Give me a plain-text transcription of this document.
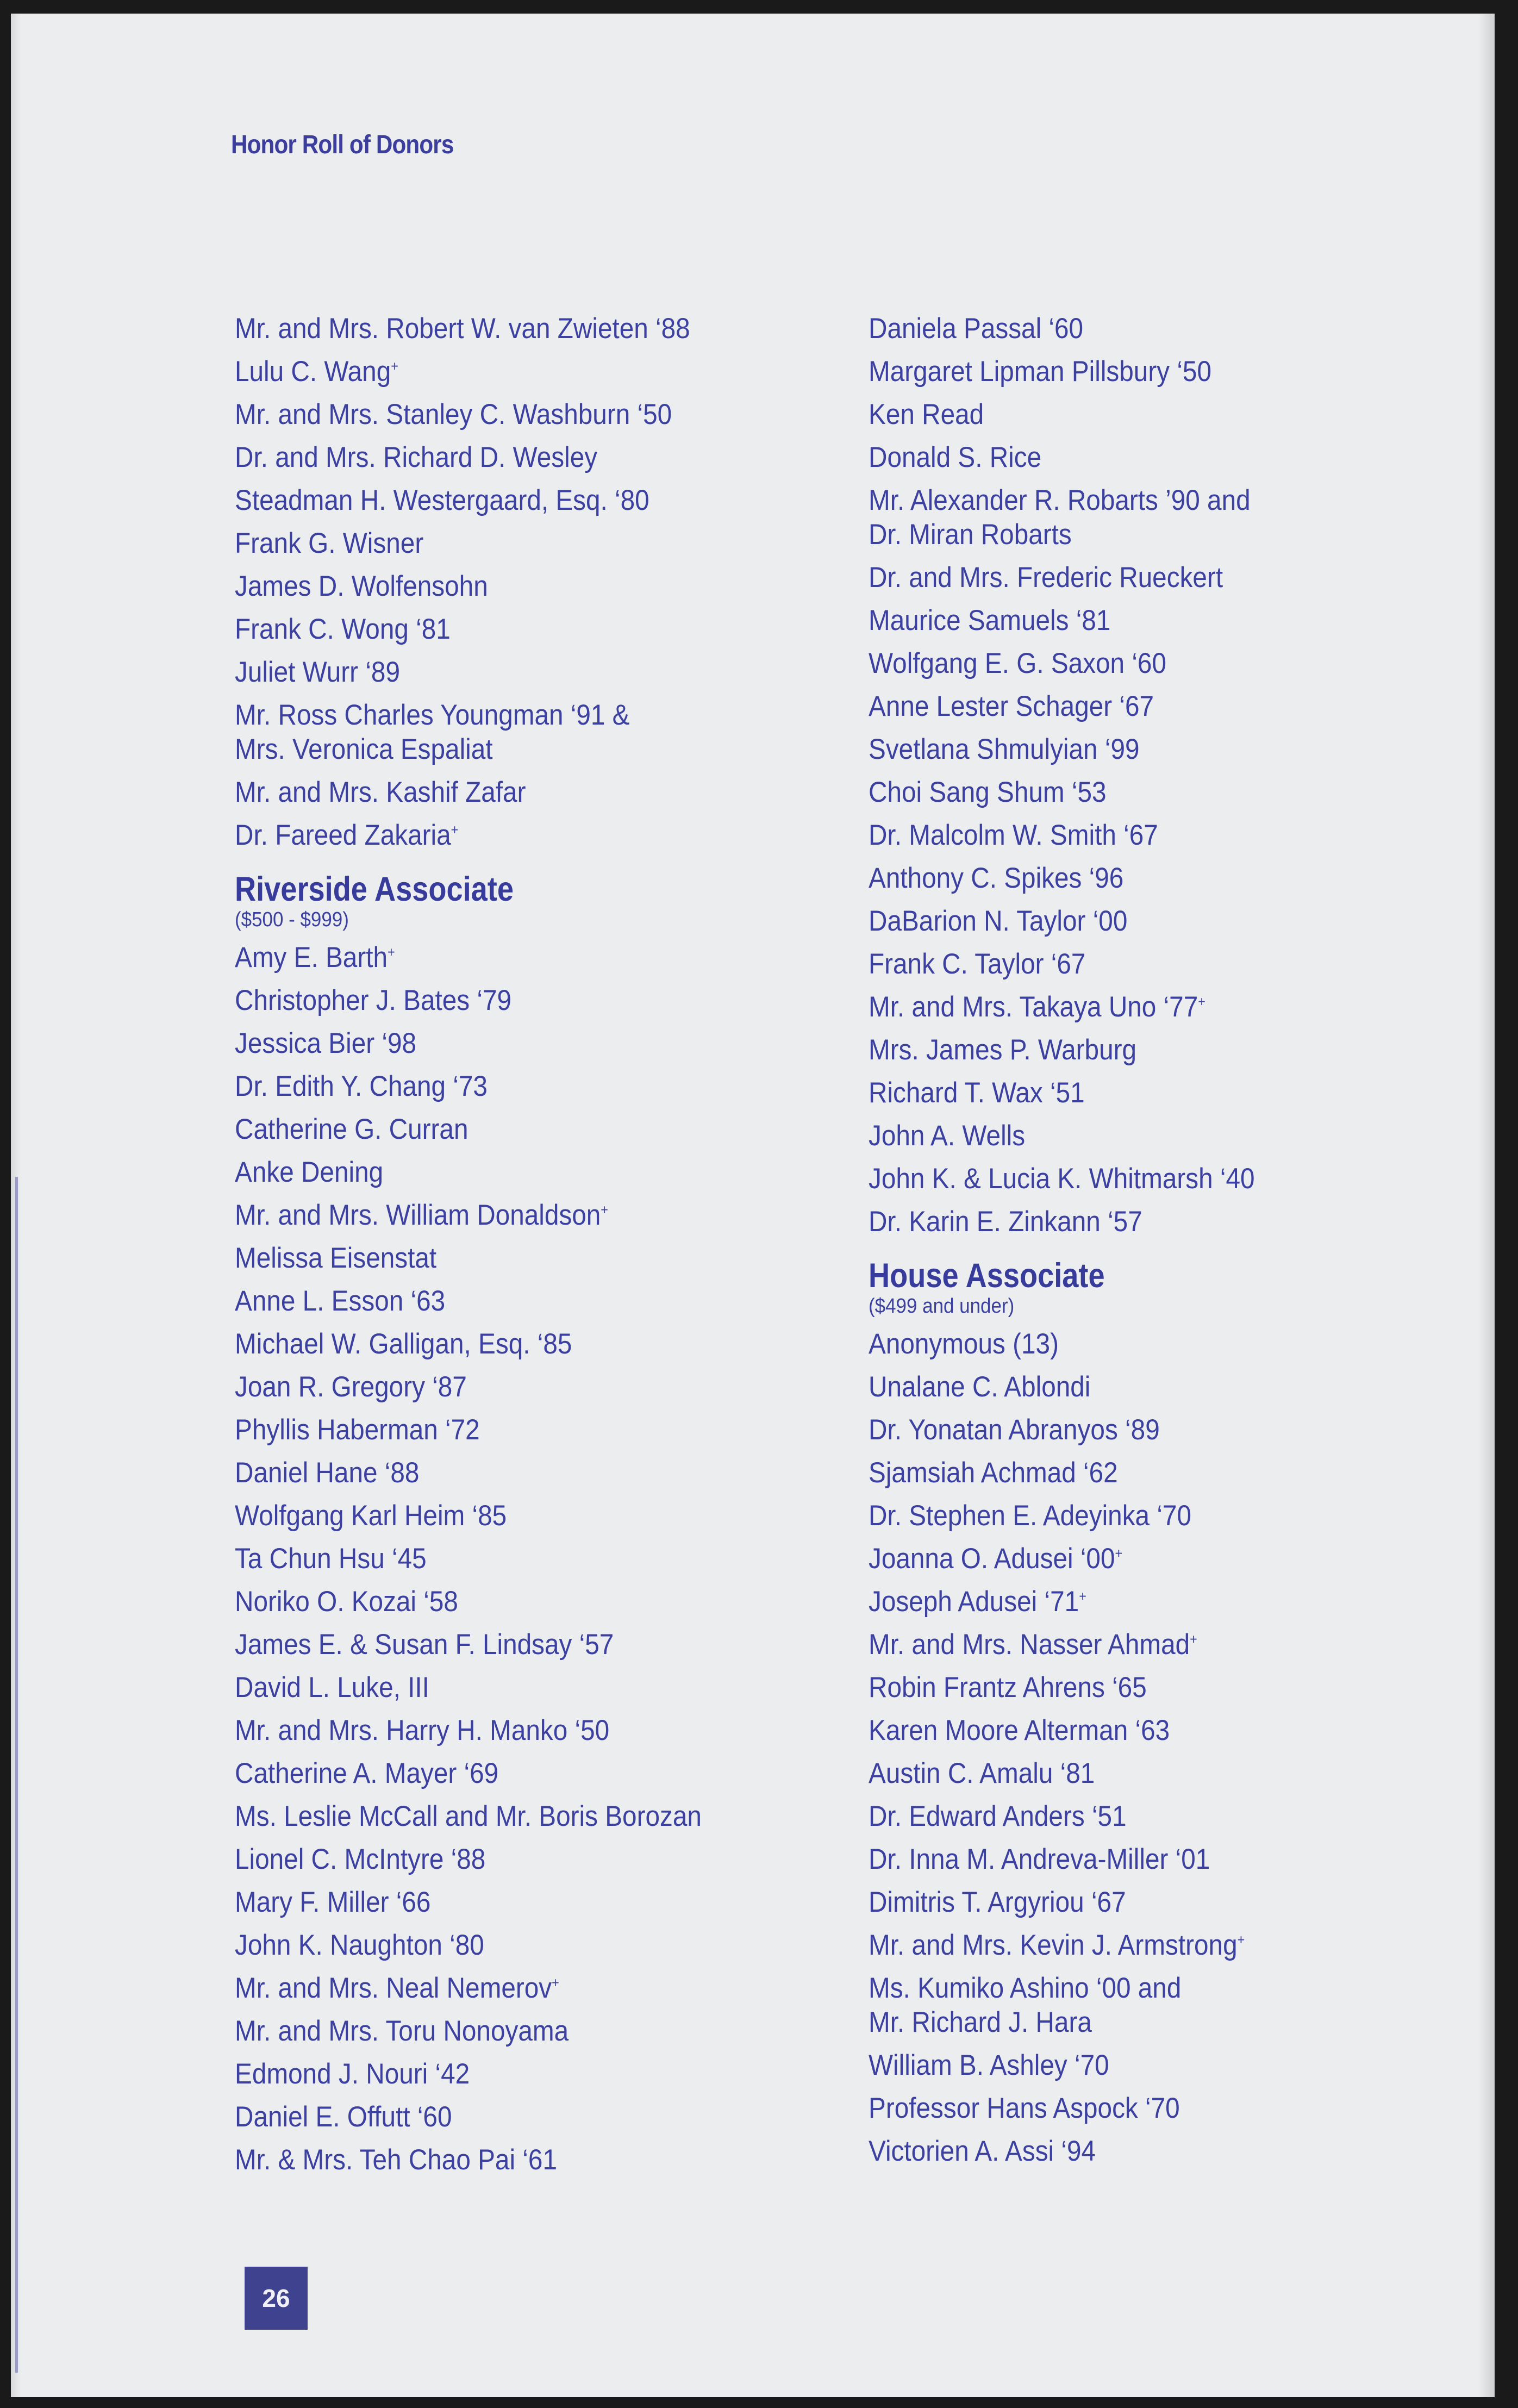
Honor Roll of Donors
Mr. and Mrs. Robert W. van Zwieten ‘88
Lulu C. Wang+
Mr. and Mrs. Stanley C. Washburn ‘50
Dr. and Mrs. Richard D. Wesley
Steadman H. Westergaard, Esq. ‘80
Frank G. Wisner
James D. Wolfensohn
Frank C. Wong ‘81
Juliet Wurr ‘89
Mr. Ross Charles Youngman ‘91 &
Mrs. Veronica Espaliat
Mr. and Mrs. Kashif Zafar
Dr. Fareed Zakaria+
Riverside Associate
($500 - $999)
Amy E. Barth+
Christopher J. Bates ‘79
Jessica Bier ‘98
Dr. Edith Y. Chang ‘73
Catherine G. Curran
Anke Dening
Mr. and Mrs. William Donaldson+
Melissa Eisenstat
Anne L. Esson ‘63
Michael W. Galligan, Esq. ‘85
Joan R. Gregory ‘87
Phyllis Haberman ‘72
Daniel Hane ‘88
Wolfgang Karl Heim ‘85
Ta Chun Hsu ‘45
Noriko O. Kozai ‘58
James E. & Susan F. Lindsay ‘57
David L. Luke, III
Mr. and Mrs. Harry H. Manko ‘50
Catherine A. Mayer ‘69
Ms. Leslie McCall and Mr. Boris Borozan
Lionel C. McIntyre ‘88
Mary F. Miller ‘66
John K. Naughton ‘80
Mr. and Mrs. Neal Nemerov+
Mr. and Mrs. Toru Nonoyama
Edmond J. Nouri ‘42
Daniel E. Offutt ‘60
Mr. & Mrs. Teh Chao Pai ‘61
Daniela Passal ‘60
Margaret Lipman Pillsbury ‘50
Ken Read
Donald S. Rice
Mr. Alexander R. Robarts ’90 and
Dr. Miran Robarts
Dr. and Mrs. Frederic Rueckert
Maurice Samuels ‘81
Wolfgang E. G. Saxon ‘60
Anne Lester Schager ‘67
Svetlana Shmulyian ‘99
Choi Sang Shum ‘53
Dr. Malcolm W. Smith ‘67
Anthony C. Spikes ‘96
DaBarion N. Taylor ‘00
Frank C. Taylor ‘67
Mr. and Mrs. Takaya Uno ‘77+
Mrs. James P. Warburg
Richard T. Wax ‘51
John A. Wells
John K. & Lucia K. Whitmarsh ‘40
Dr. Karin E. Zinkann ‘57
House Associate
($499 and under)
Anonymous (13)
Unalane C. Ablondi
Dr. Yonatan Abranyos ‘89
Sjamsiah Achmad ‘62
Dr. Stephen E. Adeyinka ‘70
Joanna O. Adusei ‘00+
Joseph Adusei ‘71+
Mr. and Mrs. Nasser Ahmad+
Robin Frantz Ahrens ‘65
Karen Moore Alterman ‘63
Austin C. Amalu ‘81
Dr. Edward Anders ‘51
Dr. Inna M. Andreva-Miller ‘01
Dimitris T. Argyriou ‘67
Mr. and Mrs. Kevin J. Armstrong+
Ms. Kumiko Ashino ‘00 and
Mr. Richard J. Hara
William B. Ashley ‘70
Professor Hans Aspock ‘70
Victorien A. Assi ‘94
26
